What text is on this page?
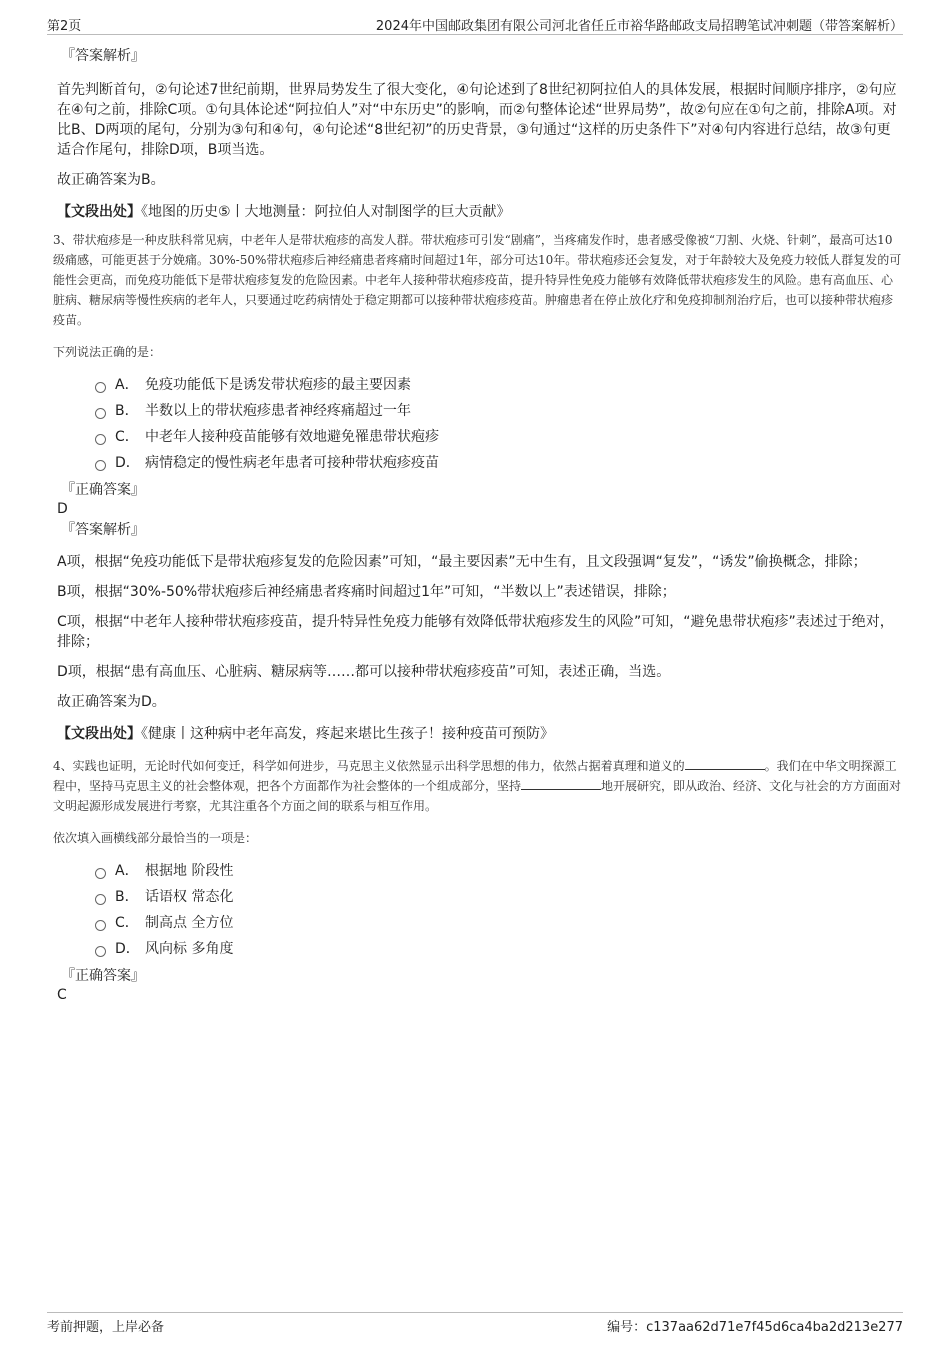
第2页	2024年中国邮政集团有限公司河北省任丘市裕华路邮政支局招聘笔试冲刺题（带答案解析）

『答案解析』

首先判断首句，②句论述7世纪前期，世界局势发生了很大变化，④句论述到了8世纪初阿拉伯人的具体发展，根据时间顺序排序，②句应在④句之前，排除C项。①句具体论述“阿拉伯人”对“中东历史”的影响，而②句整体论述“世界局势”，故②句应在①句之前，排除A项。对比B、D两项的尾句，分别为③句和④句，④句论述“8世纪初”的历史背景，③句通过“这样的历史条件下”对④句内容进行总结，故③句更适合作尾句，排除D项，B项当选。

故正确答案为B。

【文段出处】《地图的历史⑤丨大地测量：阿拉伯人对制图学的巨大贡献》

3、带状疱疹是一种皮肤科常见病，中老年人是带状疱疹的高发人群。带状疱疹可引发“剧痛”，当疼痛发作时，患者感受像被“刀割、火烧、针刺”，最高可达10级痛感，可能更甚于分娩痛。30%-50%带状疱疹后神经痛患者疼痛时间超过1年，部分可达10年。带状疱疹还会复发，对于年龄较大及免疫力较低人群复发的可能性会更高，而免疫功能低下是带状疱疹复发的危险因素。中老年人接种带状疱疹疫苗，提升特异性免疫力能够有效降低带状疱疹发生的风险。患有高血压、心脏病、糖尿病等慢性疾病的老年人，只要通过吃药病情处于稳定期都可以接种带状疱疹疫苗。肿瘤患者在停止放化疗和免疫抑制剂治疗后，也可以接种带状疱疹疫苗。

下列说法正确的是：

A． 免疫功能低下是诱发带状疱疹的最主要因素
B． 半数以上的带状疱疹患者神经疼痛超过一年
C． 中老年人接种疫苗能够有效地避免罹患带状疱疹
D． 病情稳定的慢性病老年患者可接种带状疱疹疫苗

『正确答案』

D

『答案解析』

A项，根据“免疫功能低下是带状疱疹复发的危险因素”可知，“最主要因素”无中生有，且文段强调“复发”，“诱发”偷换概念，排除；

B项，根据“30%-50%带状疱疹后神经痛患者疼痛时间超过1年”可知，“半数以上”表述错误，排除；

C项，根据“中老年人接种带状疱疹疫苗，提升特异性免疫力能够有效降低带状疱疹发生的风险”可知，“避免患带状疱疹”表述过于绝对，排除；

D项，根据“患有高血压、心脏病、糖尿病等……都可以接种带状疱疹疫苗”可知，表述正确，当选。

故正确答案为D。

【文段出处】《健康丨这种病中老年高发，疼起来堪比生孩子！接种疫苗可预防》

4、实践也证明，无论时代如何变迁，科学如何进步，马克思主义依然显示出科学思想的伟力，依然占据着真理和道义的	。我们在中华文明探源工程中，坚持马克思主义的社会整体观，把各个方面都作为社会整体的一个组成部分，坚持	地开展研究，即从政治、经济、文化与社会的方方面面对文明起源形成发展进行考察，尤其注重各个方面之间的联系与相互作用。

依次填入画横线部分最恰当的一项是：

A． 根据地 阶段性
B． 话语权 常态化
C． 制高点 全方位
D． 风向标 多角度

『正确答案』

C

考前押题，上岸必备	编号：c137aa62d71e7f45d6ca4ba2d213e277
